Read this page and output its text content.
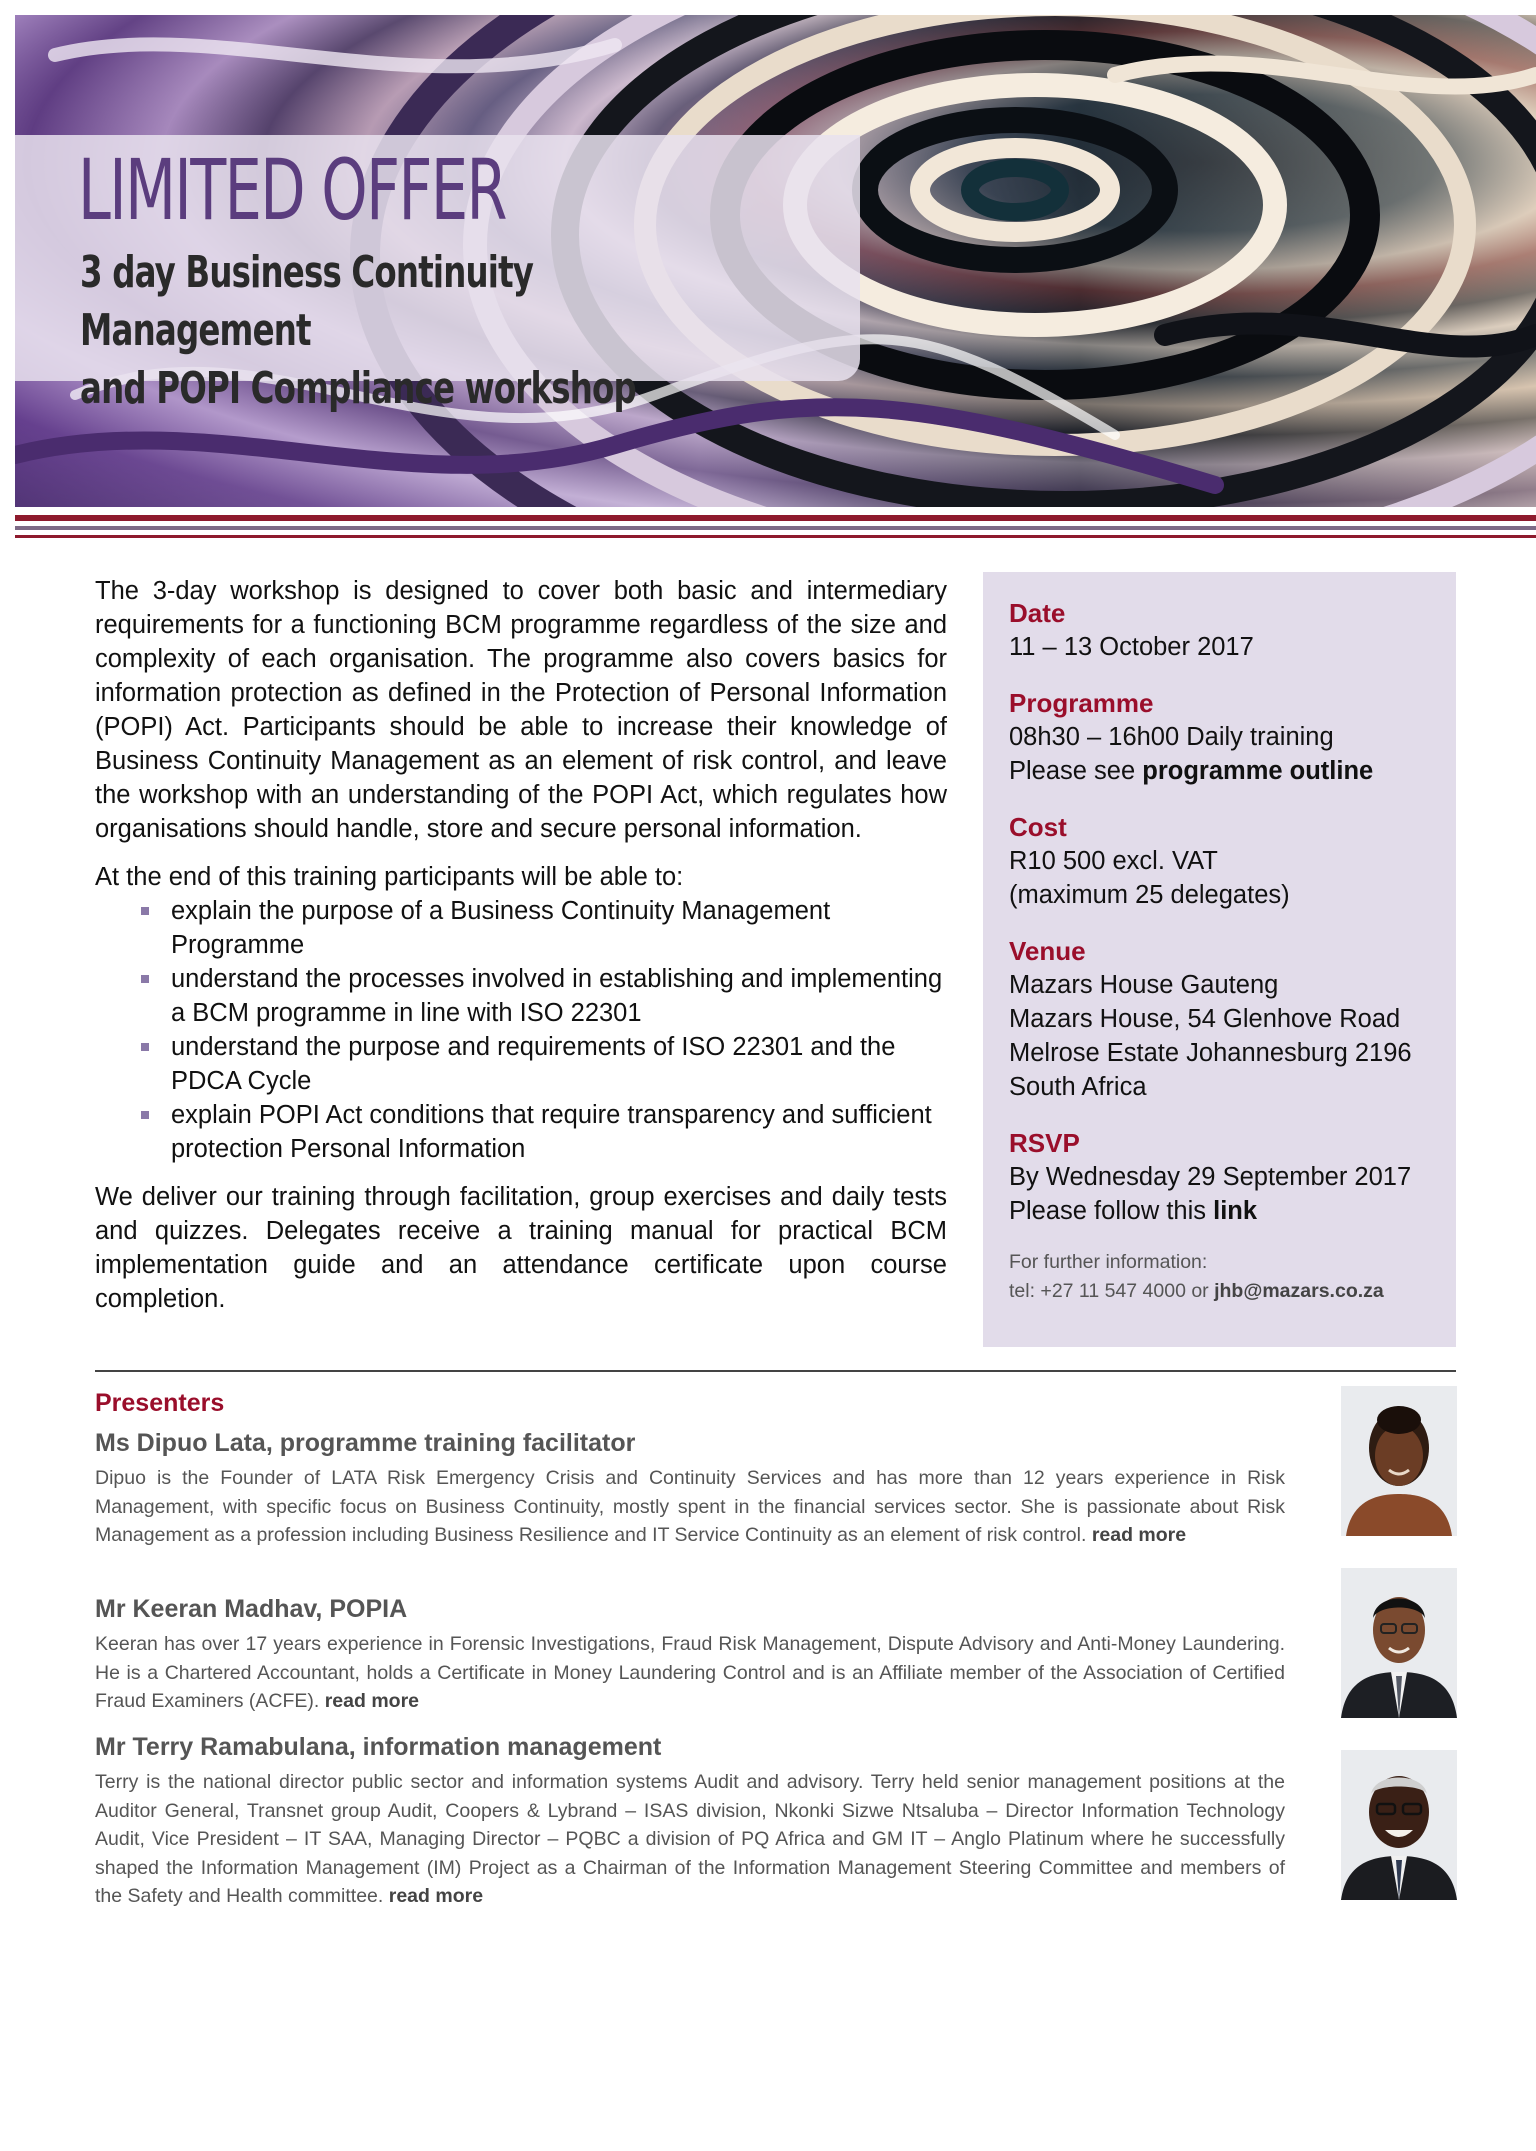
LIMITED OFFER
3 day Business Continuity Management
and POPI Compliance workshop

The 3-day workshop is designed to cover both basic and intermediary requirements for a functioning BCM programme regardless of the size and complexity of each organisation. The programme also covers basics for information protection as defined in the Protection of Personal Information (POPI) Act. Participants should be able to increase their knowledge of Business Continuity Management as an element of risk control, and leave the workshop with an understanding of the POPI Act, which regulates how organisations should handle, store and secure personal information.

At the end of this training participants will be able to:

explain the purpose of a Business Continuity Management Programme
understand the processes involved in establishing and implementing a BCM programme in line with ISO 22301
understand the purpose and requirements of ISO 22301 and the PDCA Cycle
explain POPI Act conditions that require transparency and sufficient protection Personal Information

We deliver our training through facilitation, group exercises and daily tests and quizzes. Delegates receive a training manual for practical BCM implementation guide and an attendance certificate upon course completion.

Date

11 – 13 October 2017

Programme

08h30 – 16h00 Daily training

Please see programme outline

Cost

R10 500 excl. VAT

(maximum 25 delegates)

Venue

Mazars House Gauteng

Mazars House, 54 Glenhove Road

Melrose Estate Johannesburg 2196

South Africa

RSVP

By Wednesday 29 September 2017

Please follow this link

For further information:

tel: +27 11 547 4000 or jhb@mazars.co.za

Presenters
Ms Dipuo Lata, programme training facilitator

Dipuo is the Founder of LATA Risk Emergency Crisis and Continuity Services and has more than 12 years experience in Risk Management, with specific focus on Business Continuity, mostly spent in the financial services sector. She is passionate about Risk Management as a profession including Business Resilience and IT Service Continuity as an element of risk control. read more

Mr Keeran Madhav, POPIA

Keeran has over 17 years experience in Forensic Investigations, Fraud Risk Management, Dispute Advisory and Anti-Money Laundering. He is a Chartered Accountant, holds a Certificate in Money Laundering Control and is an Affiliate member of the Association of Certified Fraud Examiners (ACFE). read more

Mr Terry Ramabulana, information management

Terry is the national director public sector and information systems Audit and advisory. Terry held senior management positions at the Auditor General, Transnet group Audit, Coopers & Lybrand – ISAS division, Nkonki Sizwe Ntsaluba – Director Information Technology Audit, Vice President – IT SAA, Managing Director – PQBC a division of PQ Africa and GM IT – Anglo Platinum where he successfully shaped the Information Management (IM) Project as a Chairman of the Information Management Steering Committee and members of the Safety and Health committee. read more
